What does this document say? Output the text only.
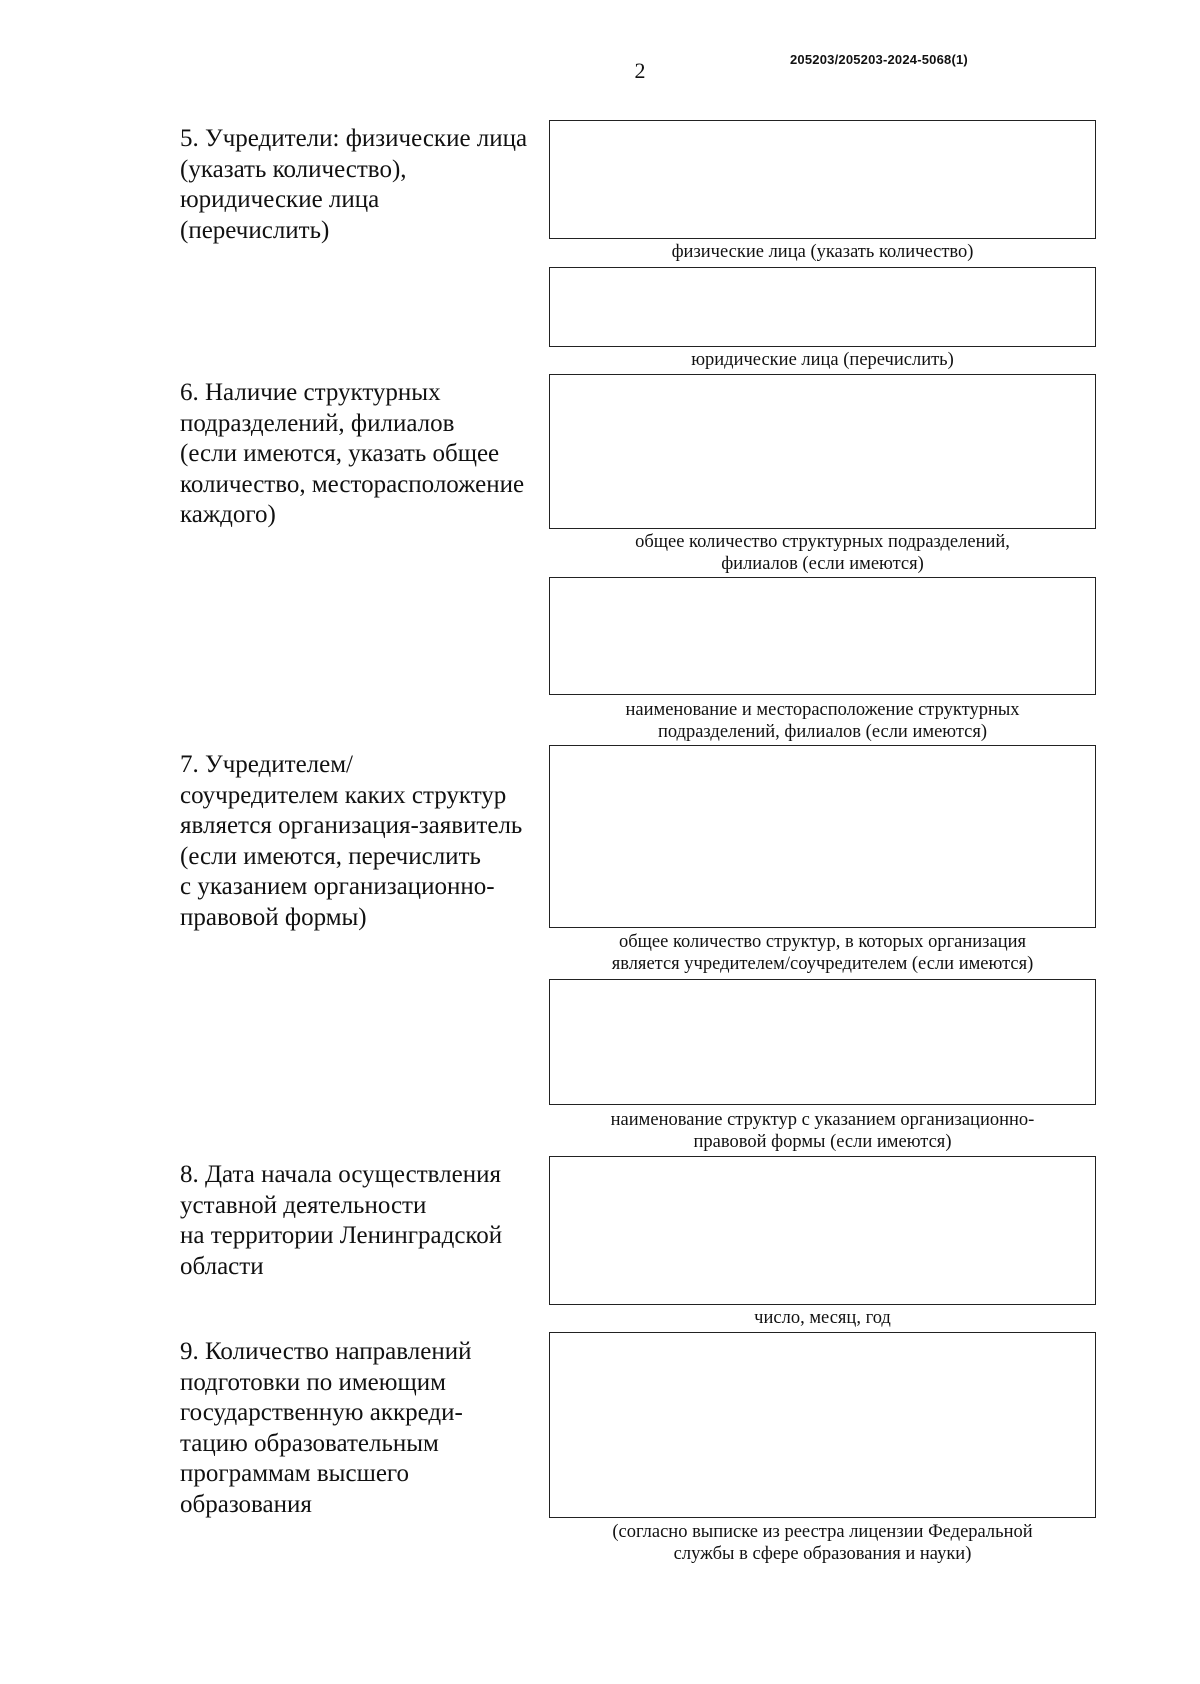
2	205203/205203-2024-5068(1)
5. Учредители: физические лица
(указать количество),
юридические лица
(перечислить)
физические лица (указать количество)
юридические лица (перечислить)
6. Наличие структурных
подразделений, филиалов
(если имеются, указать общее
количество, месторасположение
каждого)
общее количество структурных подразделений,
филиалов (если имеются)
наименование и месторасположение структурных
подразделений, филиалов (если имеются)
7. Учредителем/
соучредителем каких структур
является организация-заявитель
(если имеются, перечислить
с указанием организационно-
правовой формы)
общее количество структур, в которых организация
является учредителем/соучредителем (если имеются)
наименование структур с указанием организационно-
правовой формы (если имеются)
8. Дата начала осуществления
уставной деятельности
на территории Ленинградской
области
число, месяц, год
9. Количество направлений
подготовки по имеющим
государственную аккреди-
тацию образовательным
программам высшего
образования
(согласно выписке из реестра лицензии Федеральной
службы в сфере образования и науки)
